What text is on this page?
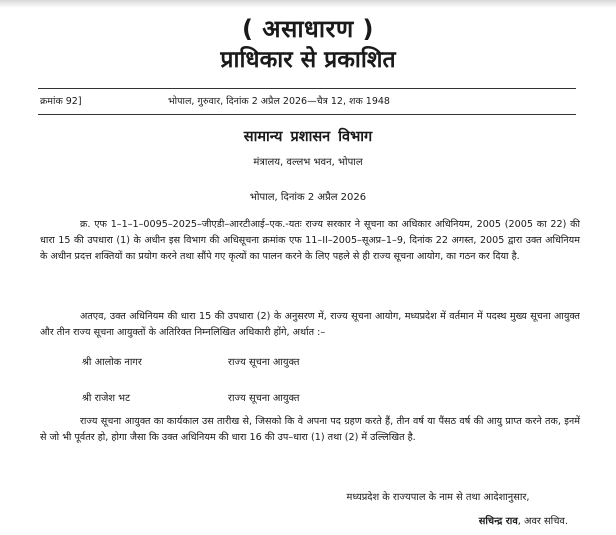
( असाधारण )
प्राधिकार से प्रकाशित
क्रमांक 92]	भोपाल, गुरुवार, दिनांक 2 अप्रैल 2026—चैत्र 12, शक 1948
सामान्य प्रशासन विभाग
मंत्रालय, वल्लभ भवन, भोपाल
भोपाल, दिनांक 2 अप्रैल 2026

क्र. एफ 1–1–1–0095–2025–जीएडी–आरटीआई–एक.-यतः राज्य सरकार ने सूचना का अधिकार अधिनियम, 2005 (2005 का 22) की धारा 15 की उपधारा (1) के अधीन इस विभाग की अधिसूचना क्रमांक एफ 11–II–2005–सूअप्र–1–9, दिनांक 22 अगस्त, 2005 द्वारा उक्त अधिनियम के अधीन प्रदत्त शक्तियों का प्रयोग करने तथा सौंपे गए कृत्यों का पालन करने के लिए पहले से ही राज्य सूचना आयोग, का गठन कर दिया है.

अतएव, उक्त अधिनियम की धारा 15 की उपधारा (2) के अनुसरण में, राज्य सूचना आयोग, मध्यप्रदेश में वर्तमान में पदस्थ मुख्य सूचना आयुक्त और तीन राज्य सूचना आयुक्तों के अतिरिक्त निम्नलिखित अधिकारी होंगे, अर्थात :–

श्री आलोक नागर	राज्य सूचना आयुक्त
श्री राजेश भट	राज्य सूचना आयुक्त

राज्य सूचना आयुक्त का कार्यकाल उस तारीख से, जिसको कि वे अपना पद ग्रहण करते हैं, तीन वर्ष या पैंसठ वर्ष की आयु प्राप्त करने तक, इनमें से जो भी पूर्वतर हो, होगा जैसा कि उक्त अधिनियम की धारा 16 की उप–धारा (1) तथा (2) में उल्लिखित है.

मध्यप्रदेश के राज्यपाल के नाम से तथा आदेशानुसार,
सचिन्द्र राव, अवर सचिव.
